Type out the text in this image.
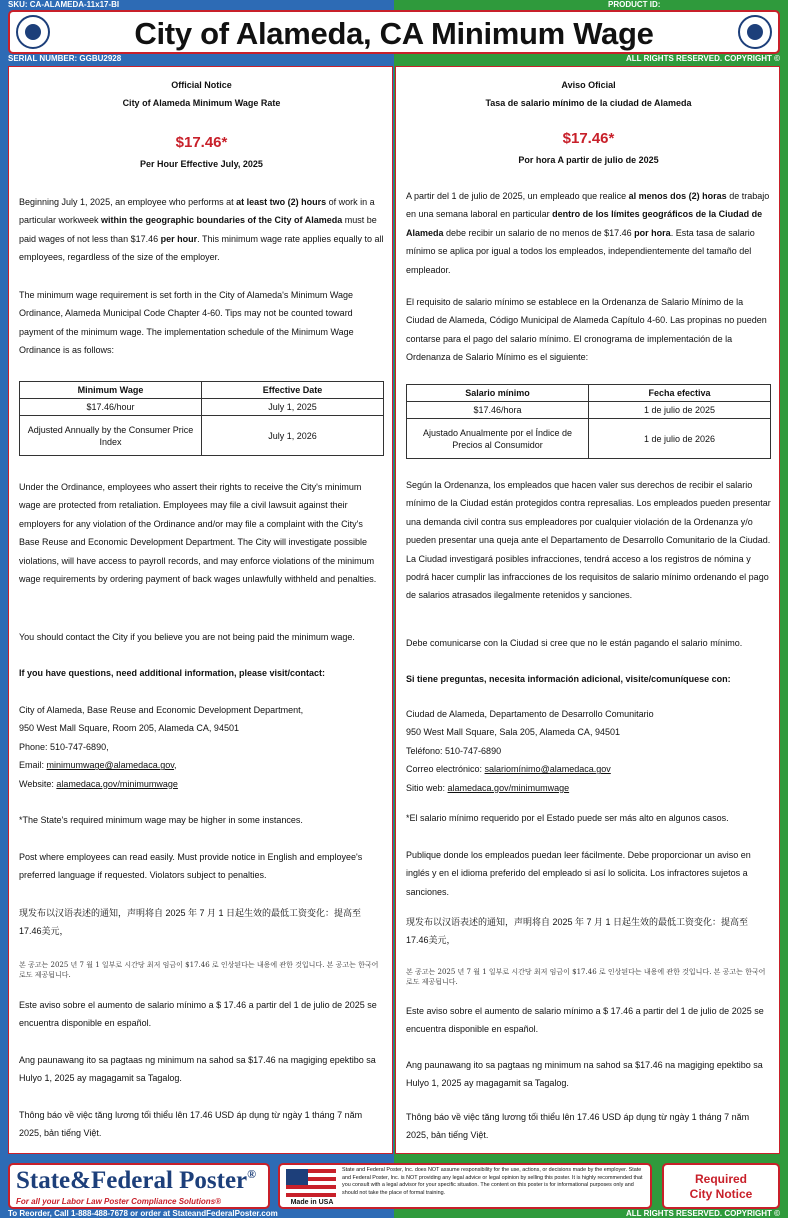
SKU: CA-ALAMEDA-11x17-BI	PRODUCT ID:
City of Alameda, CA Minimum Wage
SERIAL NUMBER: GGBU2928	ALL RIGHTS RESERVED. COPYRIGHT ©
Official Notice
City of Alameda Minimum Wage Rate
$17.46*
Per Hour Effective July, 2025
Beginning July 1, 2025, an employee who performs at at least two (2) hours of work in a particular workweek within the geographic boundaries of the City of Alameda must be paid wages of not less than $17.46 per hour. This minimum wage rate applies equally to all employees, regardless of the size of the employer.
The minimum wage requirement is set forth in the City of Alameda's Minimum Wage Ordinance, Alameda Municipal Code Chapter 4-60. Tips may not be counted toward payment of the minimum wage. The implementation schedule of the Minimum Wage Ordinance is as follows:
Minimum Wage	Effective Date
$17.46/hour	July 1, 2025
Adjusted Annually by the Consumer Price Index	July 1, 2026
Under the Ordinance, employees who assert their rights to receive the City's minimum wage are protected from retaliation. Employees may file a civil lawsuit against their employers for any violation of the Ordinance and/or may file a complaint with the City's Base Reuse and Economic Development Department. The City will investigate possible violations, will have access to payroll records, and may enforce violations of the minimum wage requirements by ordering payment of back wages unlawfully withheld and penalties.
You should contact the City if you believe you are not being paid the minimum wage.
If you have questions, need additional information, please visit/contact:
City of Alameda, Base Reuse and Economic Development Department,
950 West Mall Square, Room 205, Alameda CA, 94501
Phone: 510-747-6890,
Email: minimumwage@alamedaca.gov,
Website: alamedaca.gov/minimumwage
*The State's required minimum wage may be higher in some instances.
Post where employees can read easily. Must provide notice in English and employee's preferred language if requested. Violators subject to penalties.
现发布以汉语表述的通知，声明将自 2025 年 7 月 1 日起生效的最低工资变化：提高至 17.46美元，
본 공고는 2025 년 7 월 1 일부로 시간당 최저 임금이 $17.46 로 인상된다는 내용에 관한 것입니다. 본 공고는 한국어로도 제공됩니다.
Este aviso sobre el aumento de salario mínimo a $ 17.46 a partir del 1 de julio de 2025 se encuentra disponible en español.
Ang paunawang ito sa pagtaas ng minimum na sahod sa $17.46 na magiging epektibo sa Hulyo 1, 2025 ay magagamit sa Tagalog.
Thông báo về việc tăng lương tối thiểu lên 17.46 USD áp dụng từ ngày 1 tháng 7 năm 2025, bản tiếng Việt.
Aviso Oficial
Tasa de salario mínimo de la ciudad de Alameda
$17.46*
Por hora A partir de julio de 2025
A partir del 1 de julio de 2025, un empleado que realice al menos dos (2) horas de trabajo en una semana laboral en particular dentro de los límites geográficos de la Ciudad de Alameda debe recibir un salario de no menos de $17.46 por hora. Esta tasa de salario mínimo se aplica por igual a todos los empleados, independientemente del tamaño del empleador.
El requisito de salario mínimo se establece en la Ordenanza de Salario Mínimo de la Ciudad de Alameda, Código Municipal de Alameda Capítulo 4-60. Las propinas no pueden contarse para el pago del salario mínimo. El cronograma de implementación de la Ordenanza de Salario Mínimo es el siguiente:
Salario mínimo	Fecha efectiva
$17.46/hora	1 de julio de 2025
Ajustado Anualmente por el Índice de Precios al Consumidor	1 de julio de 2026
Según la Ordenanza, los empleados que hacen valer sus derechos de recibir el salario mínimo de la Ciudad están protegidos contra represalias. Los empleados pueden presentar una demanda civil contra sus empleadores por cualquier violación de la Ordenanza y/o pueden presentar una queja ante el Departamento de Desarrollo Comunitario de la Ciudad. La Ciudad investigará posibles infracciones, tendrá acceso a los registros de nómina y podrá hacer cumplir las infracciones de los requisitos de salario mínimo ordenando el pago de salarios atrasados ilegalmente retenidos y sanciones.
Debe comunicarse con la Ciudad si cree que no le están pagando el salario mínimo.
Si tiene preguntas, necesita información adicional, visite/comuníquese con:
Ciudad de Alameda, Departamento de Desarrollo Comunitario
950 West Mall Square, Sala 205, Alameda CA, 94501
Teléfono: 510-747-6890
Correo electrónico: salariomínimo@alamedaca.gov
Sitio web: alamedaca.gov/minimumwage
*El salario mínimo requerido por el Estado puede ser más alto en algunos casos.
Publique donde los empleados puedan leer fácilmente. Debe proporcionar un aviso en inglés y en el idioma preferido del empleado si así lo solicita. Los infractores sujetos a sanciones.
现发布以汉语表述的通知，声明将自 2025 年 7 月 1 日起生效的最低工资变化：提高至 17.46美元，
본 공고는 2025 년 7 월 1 일부로 시간당 최저 임금이 $17.46 로 인상된다는 내용에 관한 것입니다. 본 공고는 한국어로도 제공됩니다.
Este aviso sobre el aumento de salario mínimo a $ 17.46 a partir del 1 de julio de 2025 se encuentra disponible en español.
Ang paunawang ito sa pagtaas ng minimum na sahod sa $17.46 na magiging epektibo sa Hulyo 1, 2025 ay magagamit sa Tagalog.
Thông báo về việc tăng lương tối thiểu lên 17.46 USD áp dụng từ ngày 1 tháng 7 năm 2025, bản tiếng Việt.
State&Federal Poster®
For all your Labor Law Poster Compliance Solutions®	Made in USA
State and Federal Poster, Inc. does NOT assume responsibility for the use, actions, or decisions made by the employer. State and Federal Poster, Inc. is NOT providing any legal advice or legal opinion by selling this poster. It is highly recommended that you consult with a legal advisor for your specific situation. The content on this poster is for informational purposes only and should not take the place of formal training.
Required
City Notice
To Reorder, Call 1-888-488-7678 or order at StateandFederalPoster.com	ALL RIGHTS RESERVED. COPYRIGHT ©
